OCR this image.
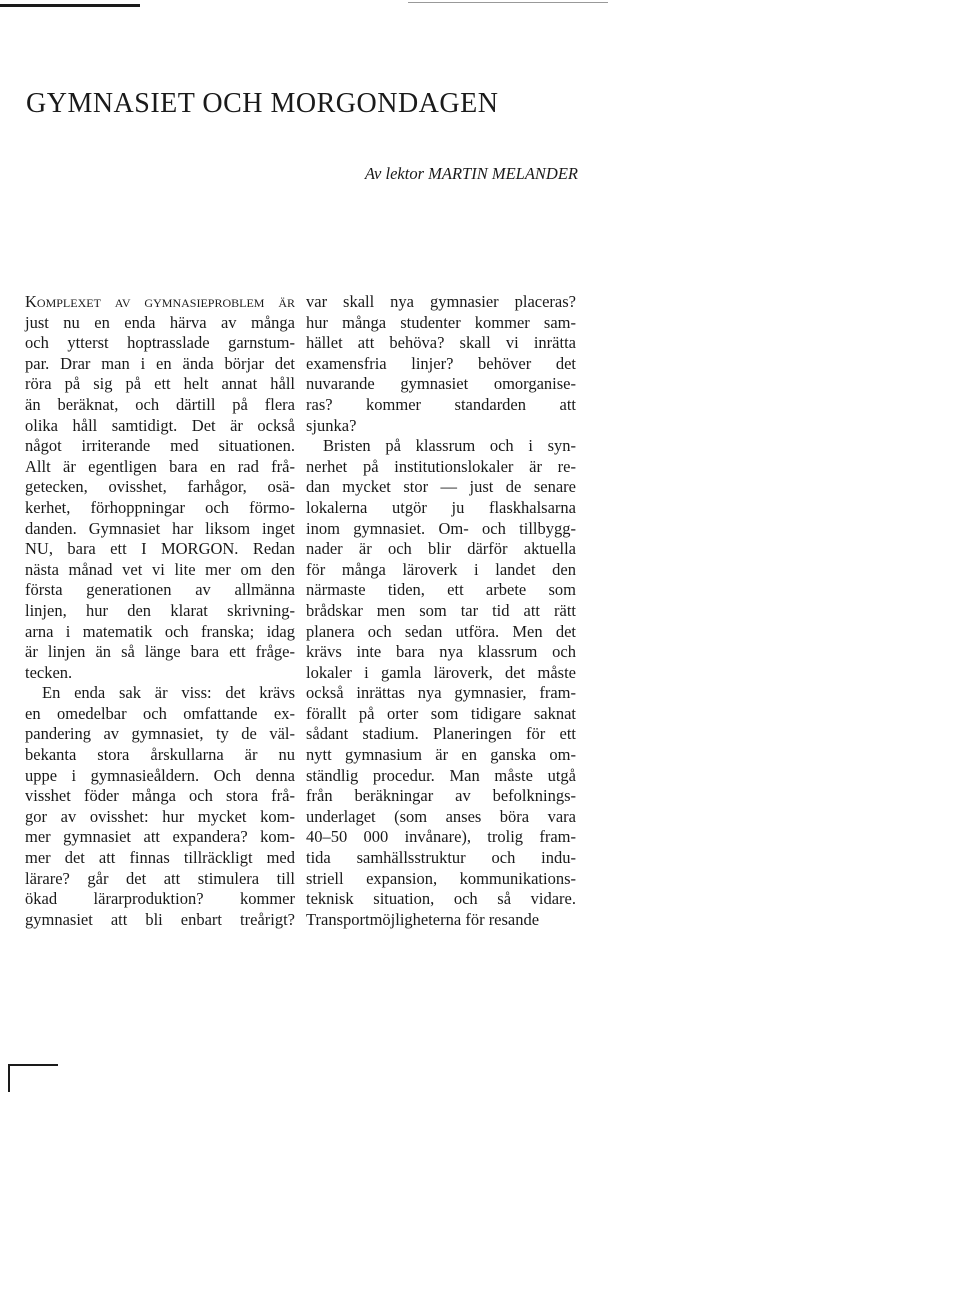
GYMNASIET OCH MORGONDAGEN
Av lektor MARTIN MELANDER
Komplexet av gymnasieproblem är
just nu en enda härva av många
och ytterst hoptrasslade garnstum-
par. Drar man i en ända börjar det
röra på sig på ett helt annat håll
än beräknat, och därtill på flera
olika håll samtidigt. Det är också
något irriterande med situationen.
Allt är egentligen bara en rad frå-
getecken, ovisshet, farhågor, osä-
kerhet, förhoppningar och förmo-
danden. Gymnasiet har liksom inget
NU, bara ett I MORGON. Redan
nästa månad vet vi lite mer om den
första generationen av allmänna
linjen, hur den klarat skrivning-
arna i matematik och franska; idag
är linjen än så länge bara ett fråge-
tecken.
En enda sak är viss: det krävs
en omedelbar och omfattande ex-
pandering av gymnasiet, ty de väl-
bekanta stora årskullarna är nu
uppe i gymnasieåldern. Och denna
visshet föder många och stora frå-
gor av ovisshet: hur mycket kom-
mer gymnasiet att expandera? kom-
mer det att finnas tillräckligt med
lärare? går det att stimulera till
ökad lärarproduktion? kommer
gymnasiet att bli enbart treårigt?
var skall nya gymnasier placeras?
hur många studenter kommer sam-
hället att behöva? skall vi inrätta
examensfria linjer? behöver det
nuvarande gymnasiet omorganise-
ras? kommer standarden att
sjunka?
Bristen på klassrum och i syn-
nerhet på institutionslokaler är re-
dan mycket stor — just de senare
lokalerna utgör ju flaskhalsarna
inom gymnasiet. Om- och tillbygg-
nader är och blir därför aktuella
för många läroverk i landet den
närmaste tiden, ett arbete som
brådskar men som tar tid att rätt
planera och sedan utföra. Men det
krävs inte bara nya klassrum och
lokaler i gamla läroverk, det måste
också inrättas nya gymnasier, fram-
förallt på orter som tidigare saknat
sådant stadium. Planeringen för ett
nytt gymnasium är en ganska om-
ständlig procedur. Man måste utgå
från beräkningar av befolknings-
underlaget (som anses böra vara
40–50 000 invånare), trolig fram-
tida samhällsstruktur och indu-
striell expansion, kommunikations-
teknisk situation, och så vidare.
Transportmöjligheterna för resande
